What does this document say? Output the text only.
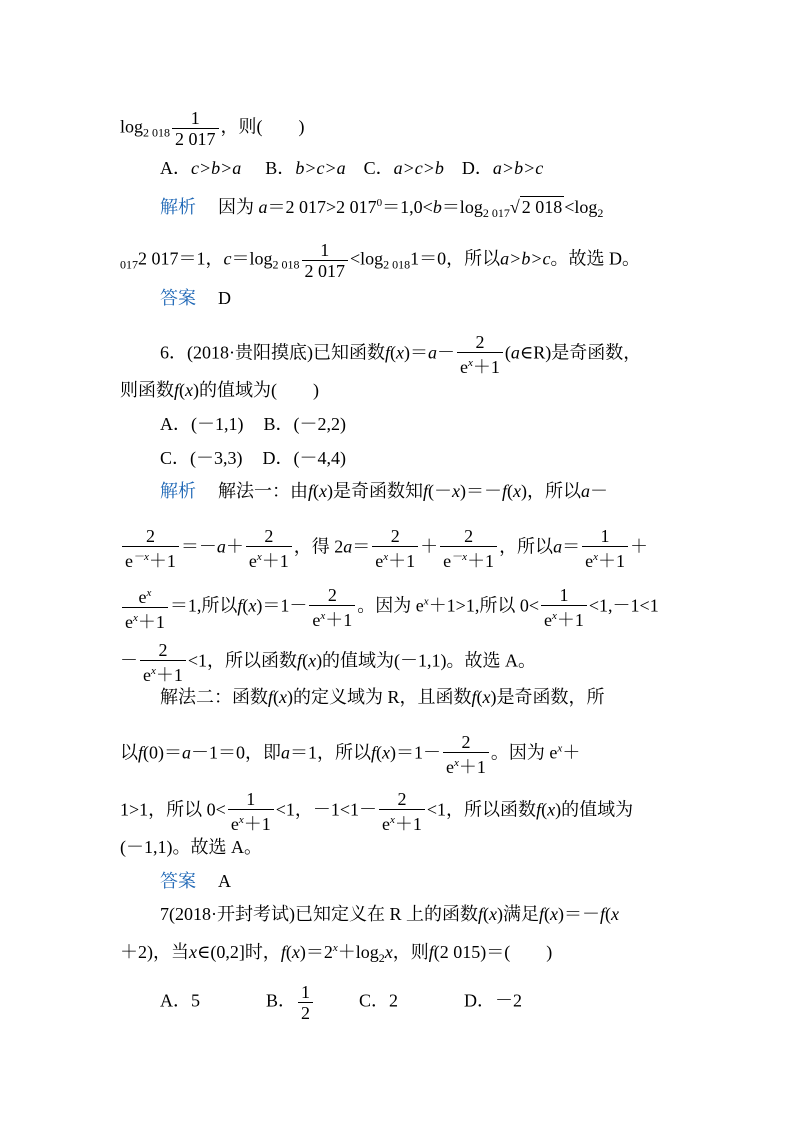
$\log_{2 018} \frac{1}{2 017}$ ，则(　　)
A．c>b>a B．b>c>a C．a>c>b D．a>b>c
解析 因为 a＝2 017>2 $017^0=1,0<b=\log_{2 017}√$ 2 $018 <\log_2$
$_{017}$2 017＝1，$c=\log_{2 018} \frac{1}{2 017} <\log_{2 018}1=0$，所以a>b>c。故选 D。
答案 D
6．(2018·贵阳摸底)已知函数$f(x)=a- \frac{2}{e^x+1}$ (a∈R)是奇函数，
则函数f(x)的值域为(　　)
A．(－1,1) B．(－2,2)
C．(－3,3) D．(－4,4)
解析 解法一：由f(x)是奇函数知f(－x)＝－f(x)，所以a－
$\frac{2}{e^{-x}+1} =-a+ \frac{2}{e^x+1}$ ，得 $2a= \frac{2}{e^x+1} + \frac{2}{e^{-x}+1}$ ，所以$a= \frac{1}{e^x+1}$ ＋
$\frac{e^x}{e^x+1} =1$,所以$f(x)=1- \frac{2}{e^x+1}$ 。因为 $e^x+1>1$,所以 $0< \frac{1}{e^x+1} <1,-1<1$
－ $\frac{2}{e^x+1} <1$，所以函数f(x)的值域为(－1,1)。故选 A。
解法二：函数f(x)的定义域为 R，且函数f(x)是奇函数，所
以f(0)＝a－1＝0，即a＝1，所以$f(x)=1- \frac{2}{e^x+1}$ 。因为 $e^x+$
1>1，所以 $0< \frac{1}{e^x+1} <1$，$-1<1- \frac{2}{e^x+1} <1$，所以函数f(x)的值域为
(－1,1)。故选 A。
答案 A
7(2018·开封考试)已知定义在 R 上的函数f(x)满足f(x)＝－f(x
＋2)，当x∈(0,2]时，$f(x)=2^x+\log_2x$，则f(2 015)＝(　　)
A．5	B． $\frac{1}{2}$	C．2	D．－2
